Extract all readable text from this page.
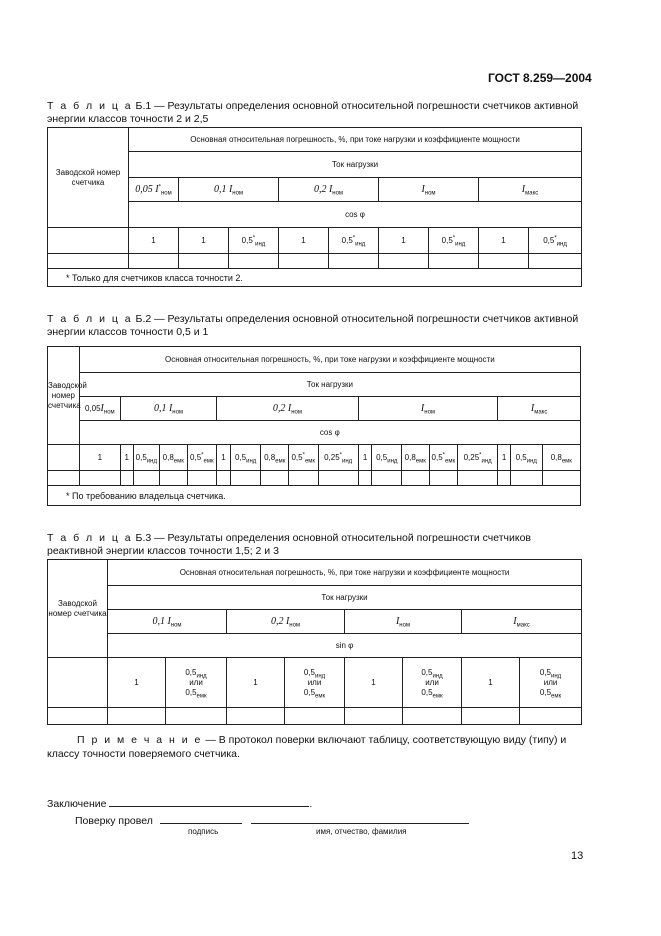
ГОСТ 8.259—2004
Т а б л и ц а Б.1 — Результаты определения основной относительной погрешности счетчиков активной энергии классов точности 2 и 2,5
Заводской номер счетчика	Основная относительная погрешность, %, при токе нагрузки и коэффициенте мощности								
	Ток нагрузки								
	0,05 $I^*_{ном}$	0,1 $I_{ном}$		0,2 $I_{ном}$		$I_{ном}$		$I_{макс}$
	cos φ								
	1	1	$0,5^*_{инд}$	1	$0,5^*_{инд}$	1	$0,5^*_{инд}$	1	$0,5^*_{инд}$

* Только для счетчиков класса точности 2.									
Т а б л и ц а Б.2 — Результаты определения основной относительной погрешности счетчиков активной энергии классов точности 0,5 и 1
Заводской номер счетчика	Основная относительная погрешность, %, при токе нагрузки и коэффициенте мощности																	
	Ток нагрузки																	
	$0,05I_{ном}$	0,1 $I_{ном}$				0,2 $I_{ном}$					$I_{ном}$					$I_{макс}$
	cos φ																	
	1	1	$0,5_{инд}$	$0,8_{емк}$	$0,5^*_{емк}$	1	$0,5_{инд}$	$0,8_{емк}$	$0,5^*_{емк}$	$0,25^*_{инд}$	1	$0,5_{инд}$	$0,8_{емк}$	$0,5^*_{емк}$	$0,25^*_{инд}$	1	$0,5_{инд}$	$0,8_{емк}$

* По требованию владельца счетчика.																		
Т а б л и ц а Б.3 — Результаты определения основной относительной погрешности счетчиков реактивной энергии классов точности 1,5; 2 и 3
Заводской номер счетчика	Основная относительная погрешность, %, при токе нагрузки и коэффициенте мощности							
	Ток нагрузки							
	0,1 $I_{ном}$		0,2 $I_{ном}$		$I_{ном}$		$I_{макс}$
	sin φ							
	1	$0,5_{инд}$
или
$0,5_{емк}$	1	$0,5_{инд}$
или
$0,5_{емк}$	1	$0,5_{инд}$
или
$0,5_{емк}$	1	$0,5_{инд}$
или
$0,5_{емк}$

П р и м е ч а н и е — В протокол поверки включают таблицу, соответствующую виду (типу) и классу точности поверяемого счетчика.
Заключение	.
Поверку провел
подпись	имя, отчество, фамилия
13
